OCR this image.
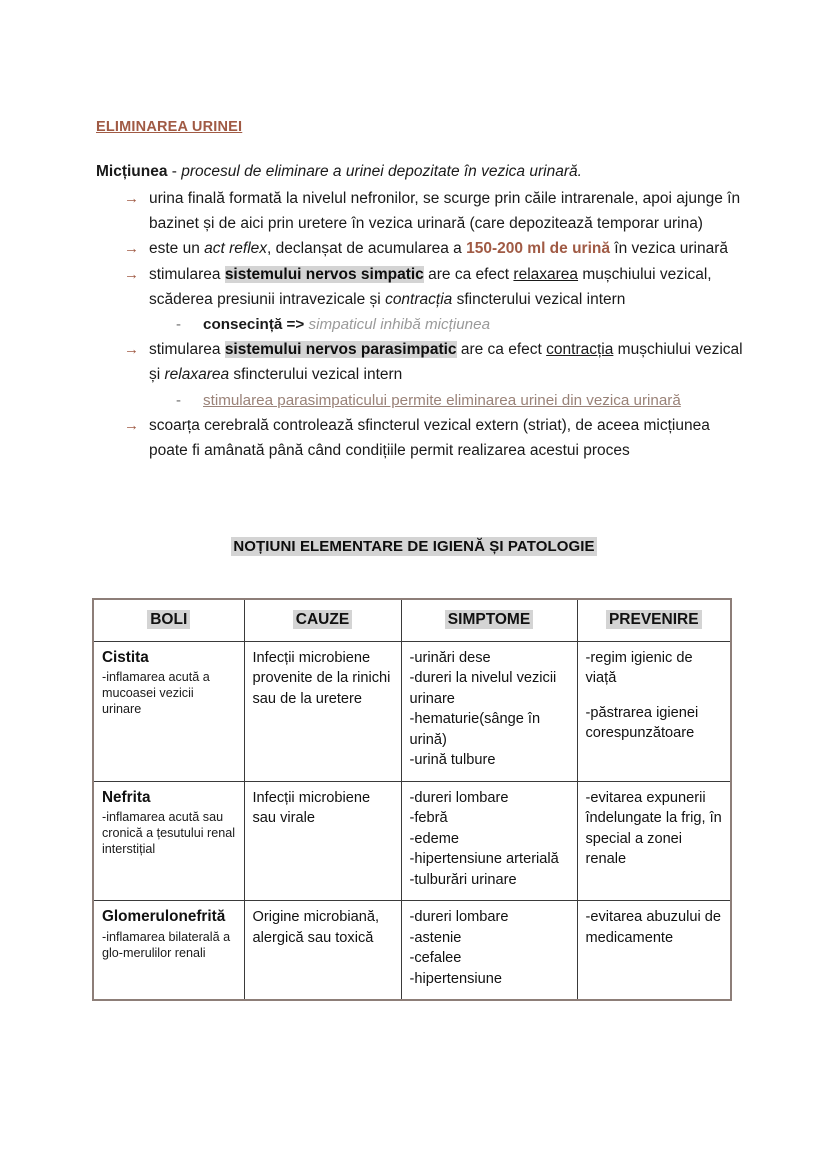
ELIMINAREA URINEI
Micțiunea - procesul de eliminare a urinei depozitate în vezica urinară.

→ urina finală formată la nivelul nefronilor, se scurge prin căile intrarenale, apoi ajunge în bazinet și de aici prin uretere în vezica urinară (care depozitează temporar urina)

→ este un act reflex, declanșat de acumularea a 150-200 ml de urină în vezica urinară

→ stimularea sistemului nervos simpatic are ca efect relaxarea mușchiului vezical, scăderea presiunii intravezicale și contracția sfincterului vezical intern

- consecință => simpaticul inhibă micțiunea

→ stimularea sistemului nervos parasimpatic are ca efect contracția mușchiului vezical și relaxarea sfincterului vezical intern

- stimularea parasimpaticului permite eliminarea urinei din vezica urinară

→ scoarța cerebrală controlează sfincterul vezical extern (striat), de aceea micțiunea poate fi amânată până când condițiile permit realizarea acestui proces

NOȚIUNI ELEMENTARE DE IGIENĂ ȘI PATOLOGIE
BOLI	CAUZE	SIMPTOME	PREVENIRE

Cistita
-inflamarea acută a mucoasei vezicii urinare	Infecții microbiene provenite de la rinichi sau de la uretere	-urinări dese
-dureri la nivelul vezicii urinare
-hematurie(sânge în urină)
-urină tulbure	-regim igienic de viață
-păstrarea igienei corespunzătoare

Nefrita
-inflamarea acută sau cronică a țesutului renal interstițial	Infecții microbiene sau virale	-dureri lombare
-febră
-edeme
-hipertensiune arterială
-tulburări urinare	-evitarea expunerii îndelungate la frig, în special a zonei renale

Glomerulonefrită
-inflamarea bilaterală a glo-merulilor renali	Origine microbiană, alergică sau toxică	-dureri lombare
-astenie
-cefalee
-hipertensiune	-evitarea abuzului de medicamente
